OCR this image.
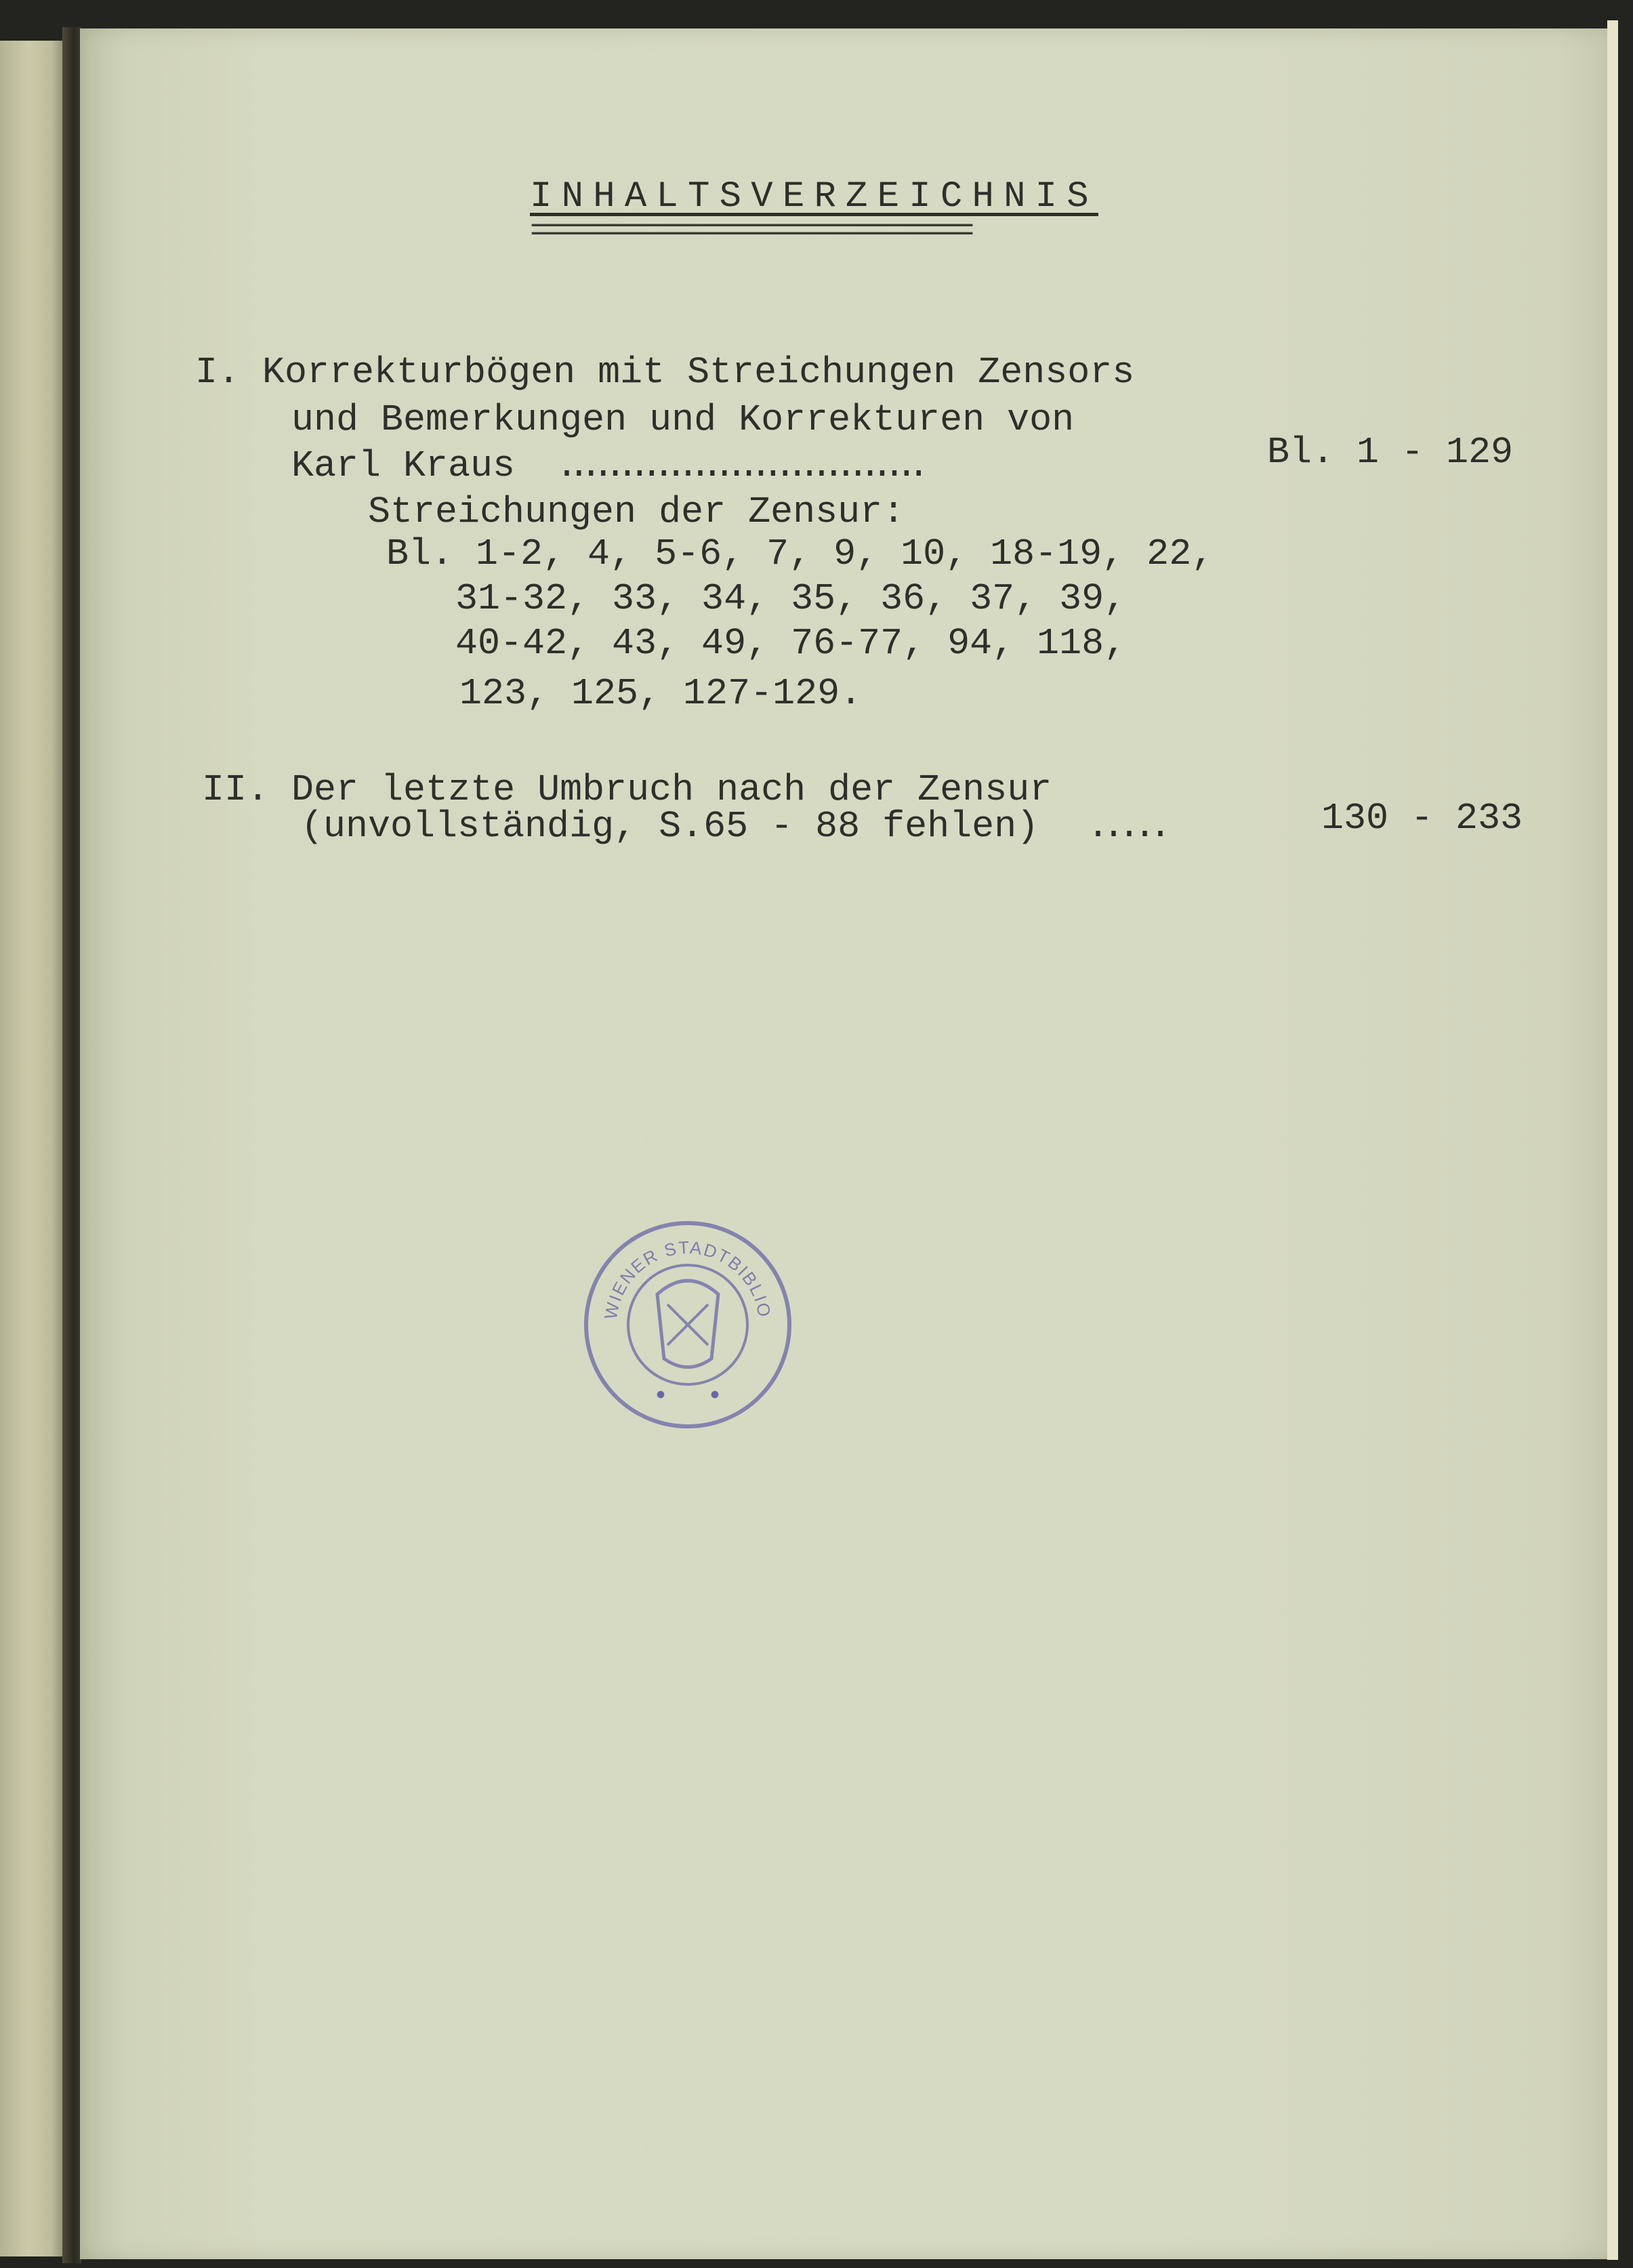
INHALTSVERZEICHNIS
=================================
I. Korrekturbögen mit Streichungen Zensors
und Bemerkungen und Korrekturen von
Karl Kraus ..............................	Bl. 1 - 129
Streichungen der Zensur:
Bl. 1-2, 4, 5-6, 7, 9, 10, 18-19, 22,
31-32, 33, 34, 35, 36, 37, 39,
40-42, 43, 49, 76-77, 94, 118,
123, 125, 127-129.
II. Der letzte Umbruch nach der Zensur
(unvollständig, S.65 - 88 fehlen) .....	130 - 233
WIENER STADTBIBLIO
